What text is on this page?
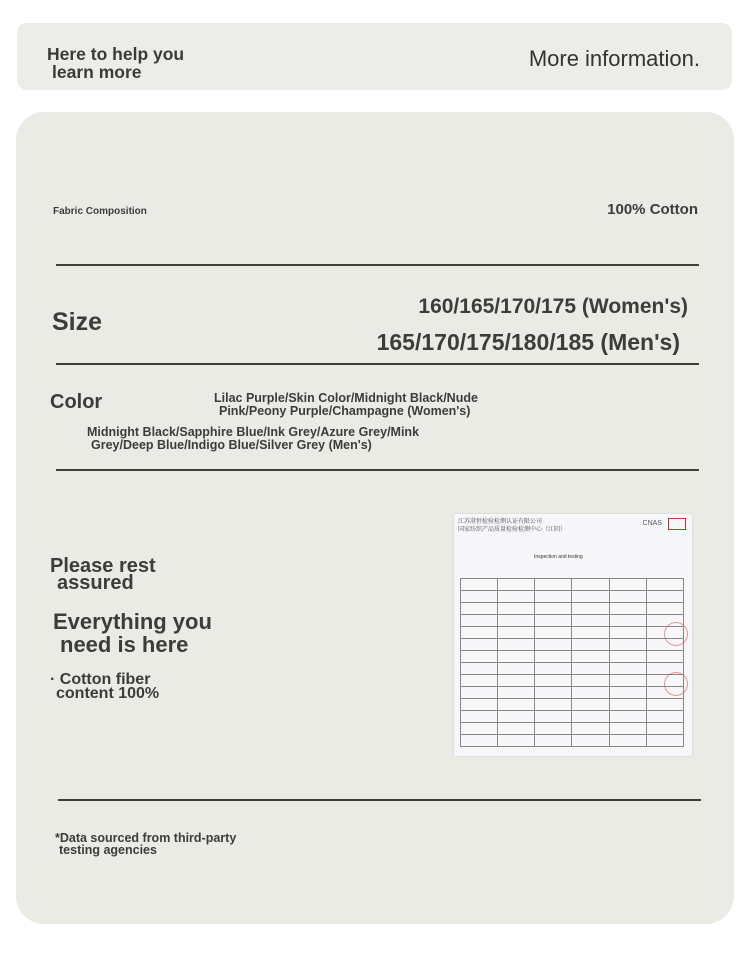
Here to help you
learn more
More information.
Fabric Composition	100% Cotton
Size
160/165/170/175 (Women's)
165/170/175/180/185 (Men's)
Color	Lilac Purple/Skin Color/Midnight Black/Nude
Pink/Peony Purple/Champagne (Women's)
Midnight Black/Sapphire Blue/Ink Grey/Azure Grey/Mink
Grey/Deep Blue/Indigo Blue/Silver Grey (Men's)
Please rest
assured
Everything you
need is here
· Cotton fiber
content 100%
江苏澄恒检验检测认证有限公司
国家纺织产品质量检验检测中心（江阴）
CNAS
Inspection and testing

*Data sourced from third-party
testing agencies
